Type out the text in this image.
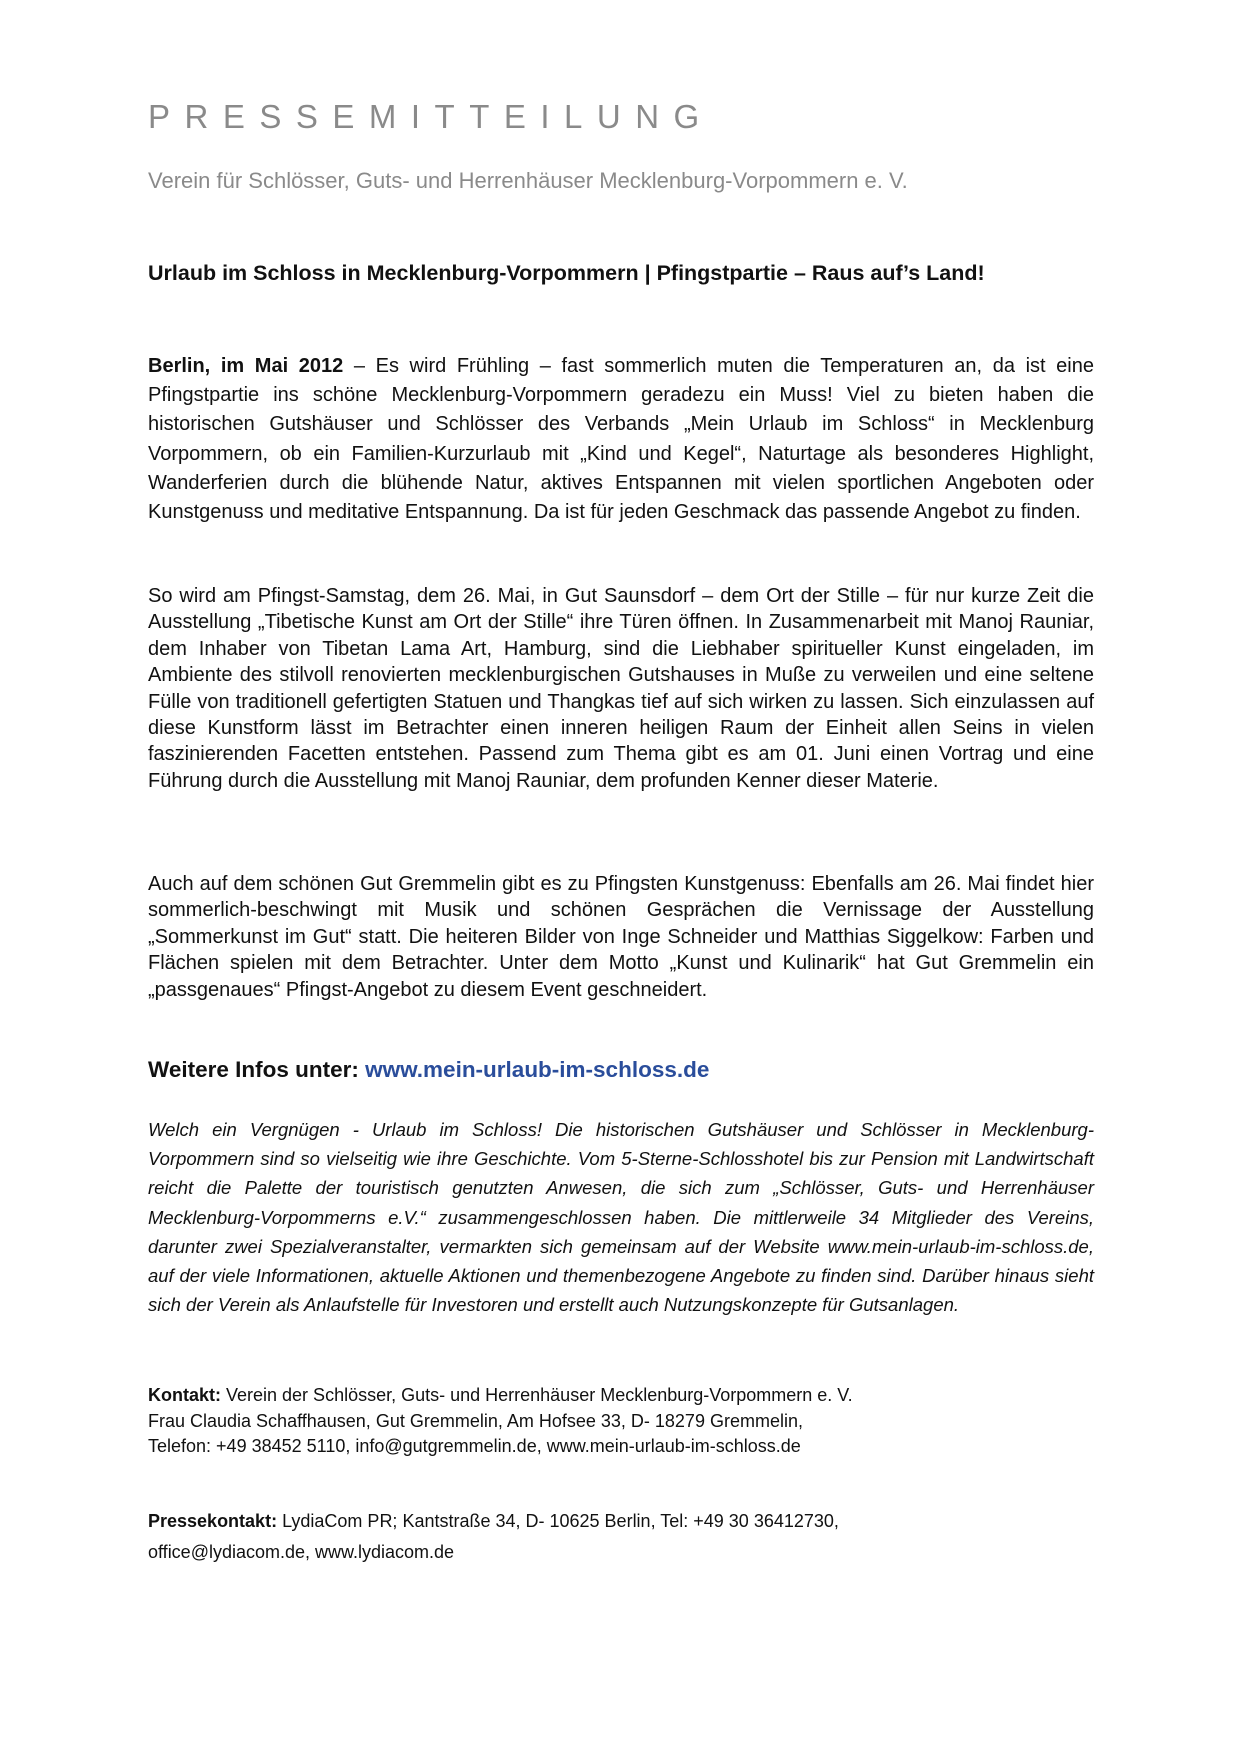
PRESSEMITTEILUNG
Verein für Schlösser, Guts- und Herrenhäuser Mecklenburg-Vorpommern e. V.
Urlaub im Schloss in Mecklenburg-Vorpommern | Pfingstpartie – Raus auf’s Land!
Berlin, im Mai 2012 – Es wird Frühling – fast sommerlich muten die Temperaturen an, da ist eine Pfingstpartie ins schöne Mecklenburg-Vorpommern geradezu ein Muss! Viel zu bieten haben die historischen Gutshäuser und Schlösser des Verbands „Mein Urlaub im Schloss“ in Mecklenburg Vorpommern, ob ein Familien-Kurzurlaub mit „Kind und Kegel“, Naturtage als besonderes Highlight, Wanderferien durch die blühende Natur, aktives Entspannen mit vielen sportlichen Angeboten oder Kunstgenuss und meditative Entspannung. Da ist für jeden Geschmack das passende Angebot zu finden.
So wird am Pfingst-Samstag, dem 26. Mai, in Gut Saunsdorf – dem Ort der Stille – für nur kurze Zeit die Ausstellung „Tibetische Kunst am Ort der Stille“ ihre Türen öffnen. In Zusammenarbeit mit Manoj Rauniar, dem Inhaber von Tibetan Lama Art, Hamburg, sind die Liebhaber spiritueller Kunst eingeladen, im Ambiente des stilvoll renovierten mecklenburgischen Gutshauses in Muße zu verweilen und eine seltene Fülle von traditionell gefertigten Statuen und Thangkas tief auf sich wirken zu lassen. Sich einzulassen auf diese Kunstform lässt im Betrachter einen inneren heiligen Raum der Einheit allen Seins in vielen faszinierenden Facetten entstehen. Passend zum Thema gibt es am 01. Juni einen Vortrag und eine Führung durch die Ausstellung mit Manoj Rauniar, dem profunden Kenner dieser Materie.
Auch auf dem schönen Gut Gremmelin gibt es zu Pfingsten Kunstgenuss: Ebenfalls am 26. Mai findet hier sommerlich-beschwingt mit Musik und schönen Gesprächen die Vernissage der Ausstellung „Sommerkunst im Gut“ statt. Die heiteren Bilder von Inge Schneider und Matthias Siggelkow: Farben und Flächen spielen mit dem Betrachter. Unter dem Motto „Kunst und Kulinarik“ hat Gut Gremmelin ein „passgenaues“ Pfingst-Angebot zu diesem Event geschneidert.
Weitere Infos unter: www.mein-urlaub-im-schloss.de
Welch ein Vergnügen - Urlaub im Schloss! Die historischen Gutshäuser und Schlösser in Mecklenburg-Vorpommern sind so vielseitig wie ihre Geschichte. Vom 5-Sterne-Schlosshotel bis zur Pension mit Landwirtschaft reicht die Palette der touristisch genutzten Anwesen, die sich zum „Schlösser, Guts- und Herrenhäuser Mecklenburg-Vorpommerns e.V.“ zusammengeschlossen haben. Die mittlerweile 34 Mitglieder des Vereins, darunter zwei Spezialveranstalter, vermarkten sich gemeinsam auf der Website www.mein-urlaub-im-schloss.de, auf der viele Informationen, aktuelle Aktionen und themenbezogene Angebote zu finden sind. Darüber hinaus sieht sich der Verein als Anlaufstelle für Investoren und erstellt auch Nutzungskonzepte für Gutsanlagen.
Kontakt: Verein der Schlösser, Guts- und Herrenhäuser Mecklenburg-Vorpommern e. V.
Frau Claudia Schaffhausen, Gut Gremmelin, Am Hofsee 33, D- 18279 Gremmelin,
Telefon: +49 38452 5110, info@gutgremmelin.de, www.mein-urlaub-im-schloss.de
Pressekontakt: LydiaCom PR; Kantstraße 34, D- 10625 Berlin, Tel: +49 30 36412730,
office@lydiacom.de, www.lydiacom.de
